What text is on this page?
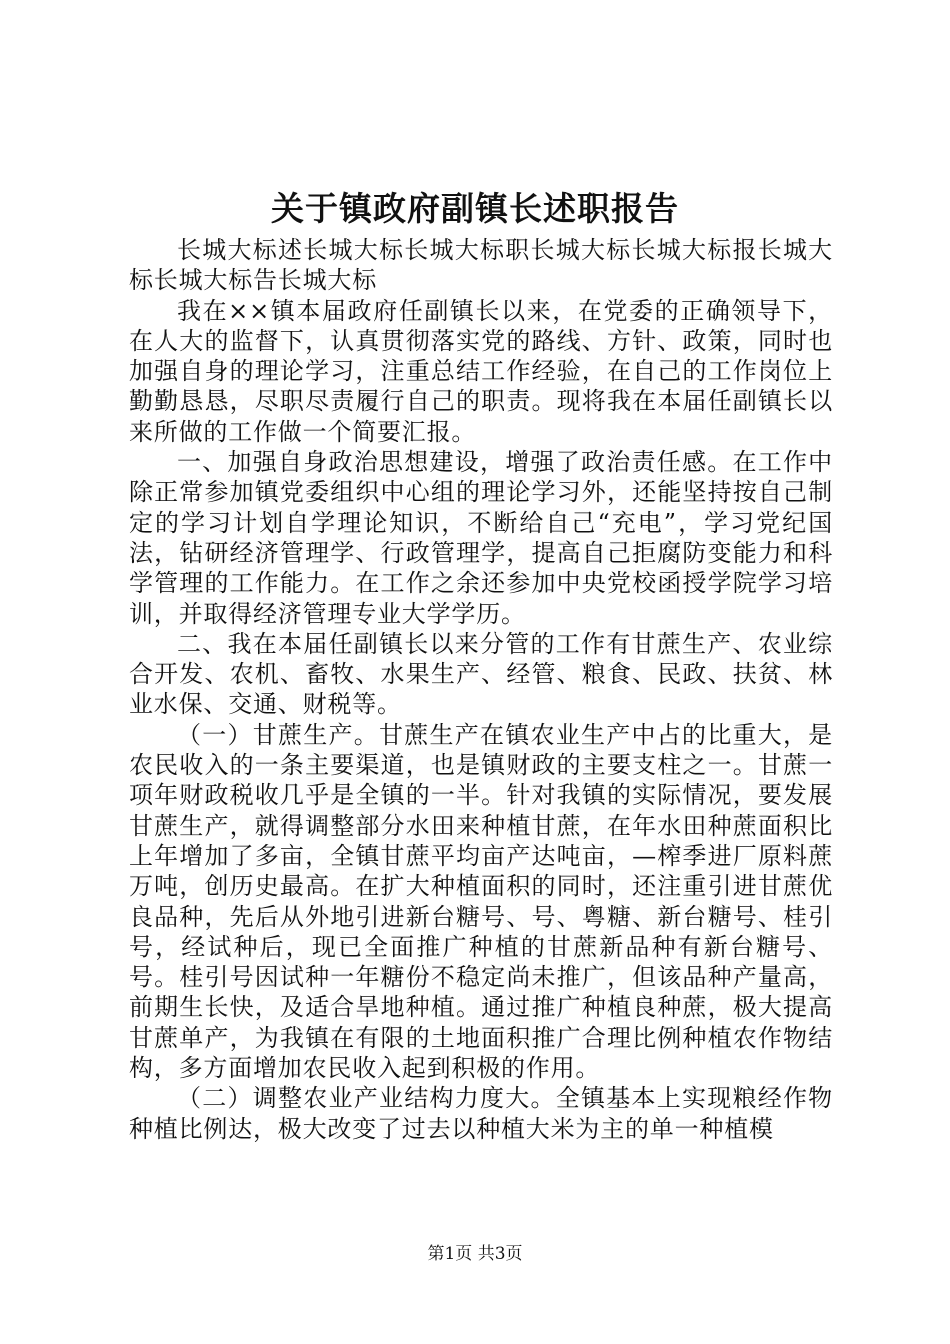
关于镇政府副镇长述职报告

长城大标述长城大标长城大标职长城大标长城大标报长城大标长城大标告长城大标

我在××镇本届政府任副镇长以来，在党委的正确领导下，在人大的监督下，认真贯彻落实党的路线、方针、政策，同时也加强自身的理论学习，注重总结工作经验，在自己的工作岗位上勤勤恳恳，尽职尽责履行自己的职责。现将我在本届任副镇长以来所做的工作做一个简要汇报。

一、加强自身政治思想建设，增强了政治责任感。在工作中除正常参加镇党委组织中心组的理论学习外，还能坚持按自己制定的学习计划自学理论知识，不断给自己“充电”，学习党纪国法，钻研经济管理学、行政管理学，提高自己拒腐防变能力和科学管理的工作能力。在工作之余还参加中央党校函授学院学习培训，并取得经济管理专业大学学历。

二、我在本届任副镇长以来分管的工作有甘蔗生产、农业综合开发、农机、畜牧、水果生产、经管、粮食、民政、扶贫、林业水保、交通、财税等。

（一）甘蔗生产。甘蔗生产在镇农业生产中占的比重大，是农民收入的一条主要渠道，也是镇财政的主要支柱之一。甘蔗一项年财政税收几乎是全镇的一半。针对我镇的实际情况，要发展甘蔗生产，就得调整部分水田来种植甘蔗，在年水田种蔗面积比上年增加了多亩，全镇甘蔗平均亩产达吨亩，—榨季进厂原料蔗万吨，创历史最高。在扩大种植面积的同时，还注重引进甘蔗优良品种，先后从外地引进新台糖号、号、粤糖、新台糖号、桂引号，经试种后，现已全面推广种植的甘蔗新品种有新台糖号、号。桂引号因试种一年糖份不稳定尚未推广，但该品种产量高，前期生长快，及适合旱地种植。通过推广种植良种蔗，极大提高甘蔗单产，为我镇在有限的土地面积推广合理比例种植农作物结构，多方面增加农民收入起到积极的作用。

（二）调整农业产业结构力度大。全镇基本上实现粮经作物种植比例达，极大改变了过去以种植大米为主的单一种植模

第1页 共3页
